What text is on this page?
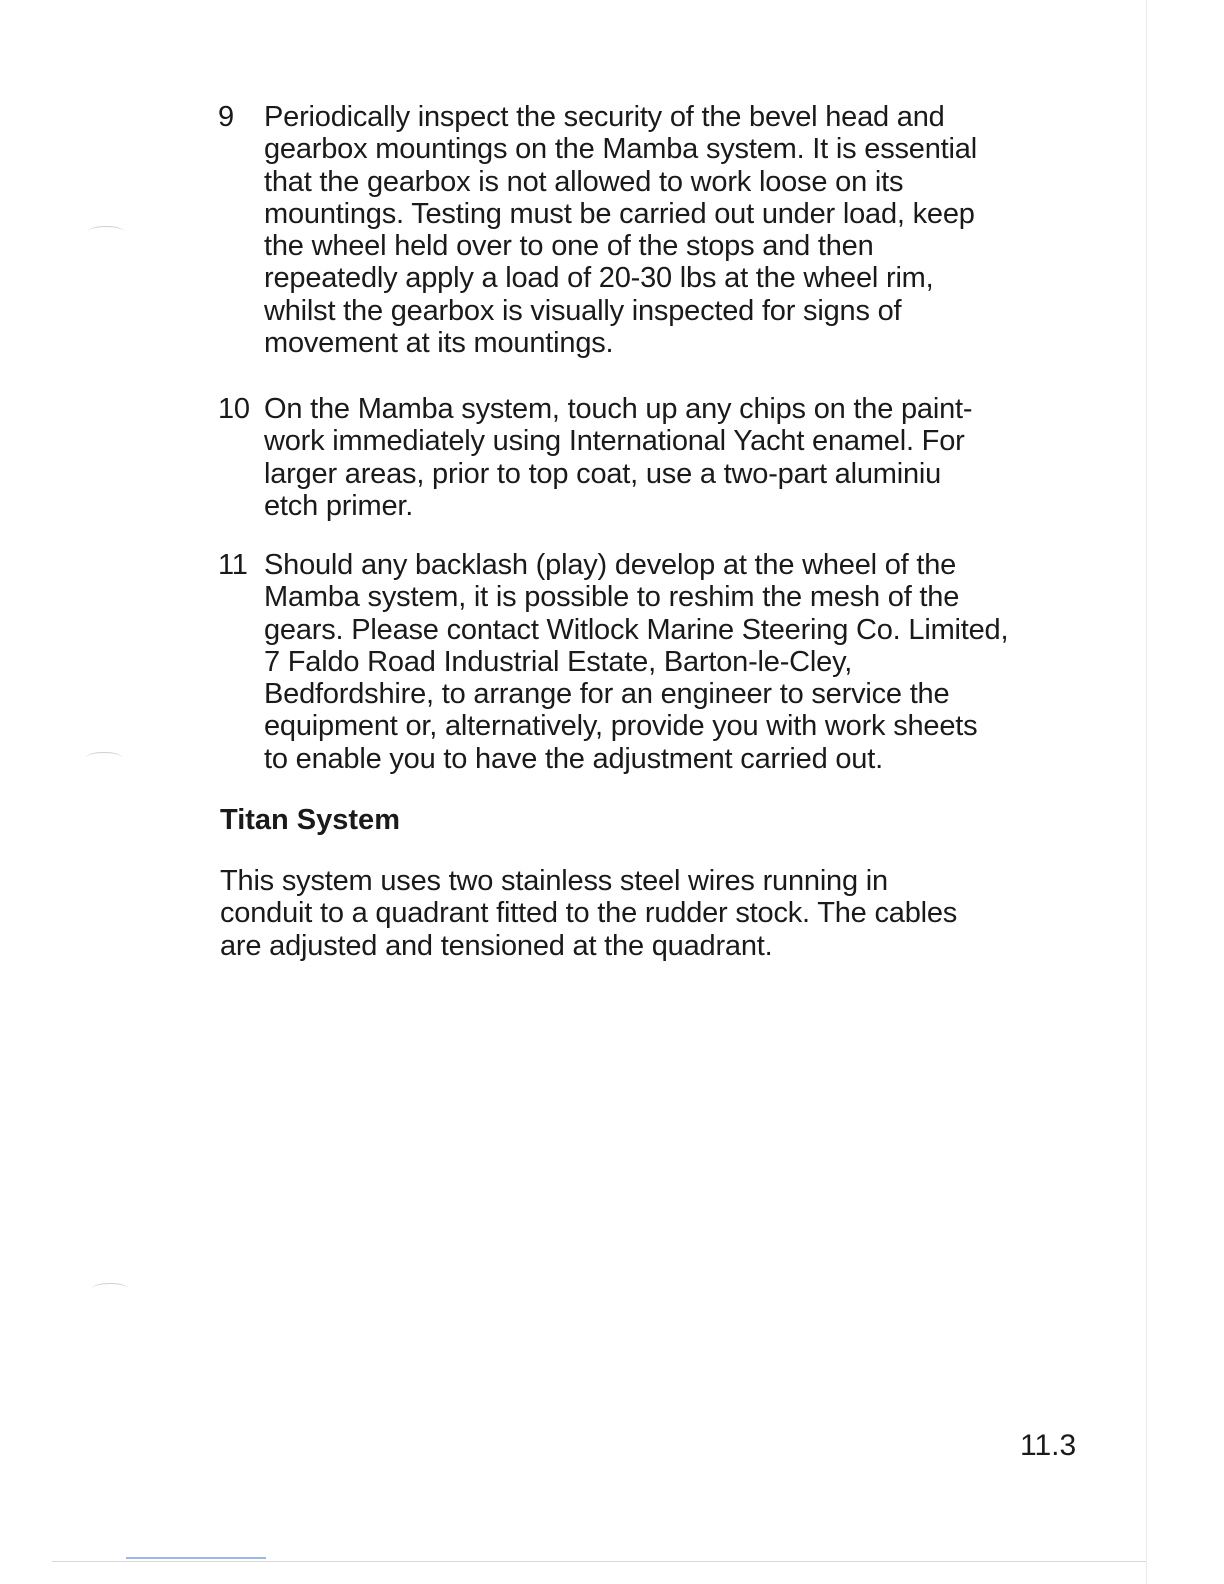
9	Periodically inspect the security of the bevel head and
gearbox mountings on the Mamba system. It is essential
that the gearbox is not allowed to work loose on its
mountings. Testing must be carried out under load, keep
the wheel held over to one of the stops and then
repeatedly apply a load of 20-30 lbs at the wheel rim,
whilst the gearbox is visually inspected for signs of
movement at its mountings.
10 On the Mamba system, touch up any chips on the paint-
work immediately using International Yacht enamel. For
larger areas, prior to top coat, use a two-part aluminiu
etch primer.
11 Should any backlash (play) develop at the wheel of the
Mamba system, it is possible to reshim the mesh of the
gears. Please contact Witlock Marine Steering Co. Limited,
7 Faldo Road Industrial Estate, Barton-le-Cley,
Bedfordshire, to arrange for an engineer to service the
equipment or, alternatively, provide you with work sheets
to enable you to have the adjustment carried out.
Titan System
This system uses two stainless steel wires running in
conduit to a quadrant fitted to the rudder stock. The cables
are adjusted and tensioned at the quadrant.
11.3
